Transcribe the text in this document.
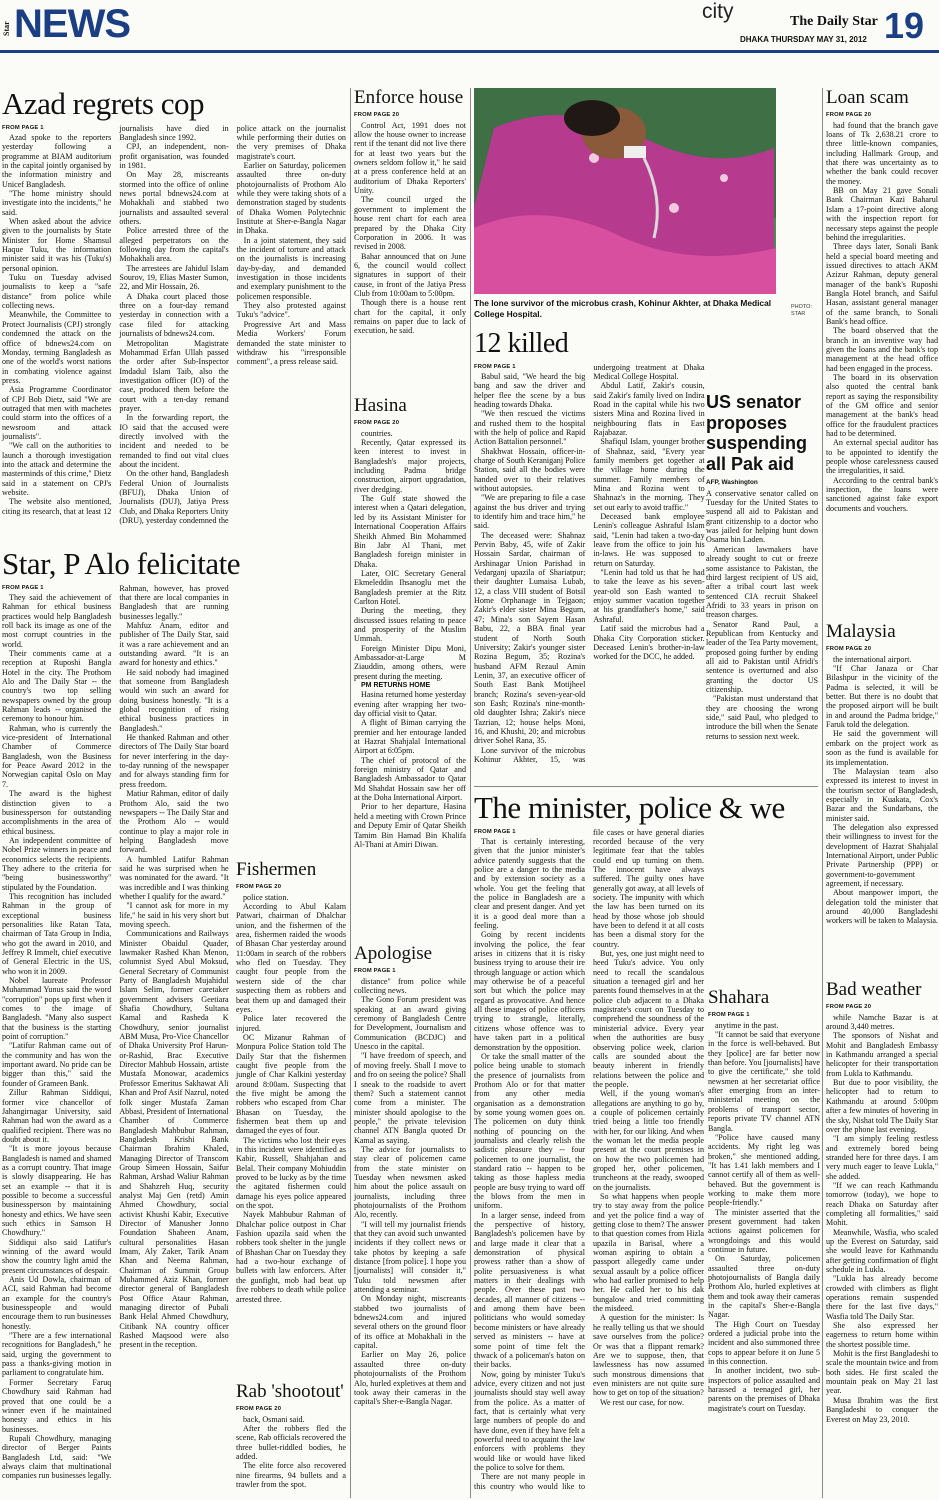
Star NEWS	city	The Daily Star
DHAKA THURSDAY MAY 31, 2012 19
Azad regrets cop

FROM PAGE 1

Azad spoke to the reporters yesterday following a programme at BIAM auditorium in the capital jointly organised by the information ministry and Unicef Bangladesh.

"The home ministry should investigate into the incidents," he said.

When asked about the advice given to the journalists by State Minister for Home Shamsul Haque Tuku, the information minister said it was his (Tuku's) personal opinion.

Tuku on Tuesday advised journalists to keep a "safe distance" from police while collecting news.

Meanwhile, the Committee to Protect Journalists (CPJ) strongly condemned the attack on the office of bdnews24.com on Monday, terming Bangladesh as one of the world's worst nations in combating violence against press.

Asia Programme Coordinator of CPJ Bob Dietz, said "We are outraged that men with machetes could storm into the offices of a newsroom and attack journalists".

"We call on the authorities to launch a thorough investigation into the attack and determine the masterminds of this crime," Dietz said in a statement on CPJ's website.

The website also mentioned, citing its research, that at least 12 journalists have died in Bangladesh since 1992.

CPJ, an independent, non-profit organisation, was founded in 1981.

On May 28, miscreants stormed into the office of online news portal bdnews24.com at Mohakhali and stabbed two journalists and assaulted several others.

Police arrested three of the alleged perpetrators on the following day from the capital's Mohakhali area.

The arrestees are Jahidul Islam Sourov, 19, Elias Master Sumon, 22, and Mir Hossain, 26.

A Dhaka court placed those three on a four-day remand yesterday in connection with a case filed for attacking journalists of bdnews24.com.

Metropolitan Magistrate Mohammad Erfan Ullah passed the order after Sub-Inspector Imdadul Islam Taib, also the investigation officer (IO) of the case, produced them before the court with a ten-day remand prayer.

In the forwarding report, the IO said that the accused were directly involved with the incident and needed to be remanded to find out vital clues about the incident.

On the other hand, Bangladesh Federal Union of Journalists (BFUJ), Dhaka Union of Journalists (DUJ), Jatiya Press Club, and Dhaka Reporters Unity (DRU), yesterday condemned the police attack on the journalist while performing their duties on the very premises of Dhaka magistrate's court.

Earlier on Saturday, policemen assaulted three on-duty photojournalists of Prothom Alo while they were taking shots of a demonstration staged by students of Dhaka Women Polytechnic Institute at Sher-e-Bangla Nagar in Dhaka.

In a joint statement, they said the incident of torture and attack on the journalists is increasing day-by-day, and demanded investigation in those incidents and exemplary punishment to the policemen responsible.

They also protested against Tuku's "advice".

Progressive Art and Mass Media Workers' Forum demanded the state minister to withdraw his "irresponsible comment", a press release said.

Star, P Alo felicitate

FROM PAGE 1

They said the achievement of Rahman for ethical business practices would help Bangladesh roll back its image as one of the most corrupt countries in the world.

Their comments came at a reception at Ruposhi Bangla Hotel in the city. The Prothom Alo and The Daily Star -- the country's two top selling newspapers owned by the group Rahman leads -- organised the ceremony to honour him.

Rahman, who is currently the vice-president of International Chamber of Commerce Bangladesh, won the Business for Peace Award 2012 in the Norwegian capital Oslo on May 7.

The award is the highest distinction given to a businessperson for outstanding accomplishments in the area of ethical business.

An independent committee of Nobel Prize winners in peace and economics selects the recipients. They adhere to the criteria for "being businessworthy" stipulated by the Foundation.

This recognition has included Rahman in the group of exceptional business personalities like Ratan Tata, chairman of Tata Group in India, who got the award in 2010, and Jeffrey R Immelt, chief executive of General Electric in the US, who won it in 2009.

Nobel laureate Professor Muhammad Yunus said the word "corruption" pops up first when it comes to the image of Bangladesh. "Many also suspect that the business is the starting point of corruption."

"Latifur Rahman came out of the community and has won the important award. No pride can be bigger than this," said the founder of Grameen Bank.

Zillur Rahman Siddiqui, former vice chancellor of Jahangirnagar University, said Rahman had won the award as a qualified recipient. There was no doubt about it.

"It is more joyous because Bangladesh is named and shamed as a corrupt country. That image is slowly disappearing. He has set an example -- that it is possible to become a successful businessperson by maintaining honesty and ethics. We have seen such ethics in Samson H Chowdhury."

Siddiqui also said Latifur's winning of the award would show the country light amid the present circumstances of despair.

Anis Ud Dowla, chairman of ACI, said Rahman had become an example for the country's businesspeople and would encourage them to run businesses honestly.

"There are a few international recognitions for Bangladesh," he said, urging the government to pass a thanks-giving motion in parliament to congratulate him.

Former Secretary Faruq Chowdhury said Rahman had proved that one could be a winner even if he maintained honesty and ethics in his businesses.

Rupali Chowdhury, managing director of Berger Paints Bangladesh Ltd, said: "We always claim that multinational companies run businesses legally. Rahman, however, has proved that there are local companies in Bangladesh that are running businesses legally."

Mahfuz Anam, editor and publisher of The Daily Star, said it was a rare achievement and an outstanding award. "It is an award for honesty and ethics."

He said nobody had imagined that someone from Bangladesh would win such an award for doing business honestly. "It is a global recognition of rising ethical business practices in Bangladesh."

He thanked Rahman and other directors of The Daily Star board for never interfering in the day-to-day running of the newspaper and for always standing firm for press freedom.

Matiur Rahman, editor of daily Prothom Alo, said the two newspapers -- The Daily Star and the Prothom Alo -- would continue to play a major role in helping Bangladesh move forward.

A humbled Latifur Rahman said he was surprised when he was nominated for the award. "It was incredible and I was thinking whether I qualify for the award."

"I cannot ask for more in my life," he said in his very short but moving speech.

Communications and Railways Minister Obaidul Quader, lawmaker Rashed Khan Menon, columnist Syed Abul Moksud, General Secretary of Communist Party of Bangladesh Mujahidul Islam Selim, former caretaker government advisers Geetiara Shafia Chowdhury, Sultana Kamal and Rasheda K Chowdhury, senior journalist ABM Musa, Pro-Vice Chancellor of Dhaka University Prof Harun-or-Rashid, Brac Executive Director Mahbub Hossain, artiste Mustafa Monowar, academics Professor Emeritus Sakhawat Ali Khan and Prof Asif Nazrul, noted folk singer Mustafa Zaman Abbasi, President of International Chamber of Commerce Bangladesh Mahbubur Rahman, Bangladesh Krishi Bank Chairman Ibrahim Khaled, Managing Director of Transcom Group Simeen Hossain, Saifur Rahman, Arshad Waliur Rahman and Shahzreh Huq, security analyst Maj Gen (retd) Amin Ahmed Chowdhury, social activist Khushi Kabir, Executive Director of Manusher Jonno Foundation Shaheen Anam, cultural personalities Hasan Imam, Aly Zaker, Tarik Anam Khan and Neema Rahman, Chairman of Summit Group Muhammed Aziz Khan, former director general of Bangladesh Post Office Ataur Rahman, managing director of Pubali Bank Helal Ahmed Chowdhury, Citibank NA country officer Rashed Maqsood were also present in the reception.

Enforce house

FROM PAGE 20

Control Act, 1991 does not allow the house owner to increase rent if the tenant did not live there for at least two years but the owners seldom follow it," he said at a press conference held at an auditorium of Dhaka Reporters' Unity.

The council urged the government to implement the house rent chart for each area prepared by the Dhaka City Corporation in 2006. It was revised in 2008.

Bahar announced that on June 6, the council would collect signatures in support of their cause, in front of the Jatiya Press Club from 10:00am to 5:00pm.

Though there is a house rent chart for the capital, it only remains on paper due to lack of execution, he said.

Hasina

FROM PAGE 20

countries.

Recently, Qatar expressed its keen interest to invest in Bangladesh's major projects, including Padma bridge construction, airport upgradation, river dredging.

The Gulf state showed the interest when a Qatari delegation, led by its Assistant Minister for International Cooperation Affairs Sheikh Ahmed Bin Mohammed Bin Jabr Al Thani, met Bangladesh foreign minister in Dhaka.

Later, OIC Secretary General Ekmeleddin Ihsanoglu met the Bangladesh premier at the Ritz Carlton Hotel.

During the meeting, they discussed issues relating to peace and prosperity of the Muslim Ummah.

Foreign Minister Dipu Moni, Ambassador-at-Large M Ziauddin, among others, were present during the meeting.

PM RETURNS HOME

Hasina returned home yesterday evening after wrapping her two-day official visit to Qatar.

A flight of Biman carrying the premier and her entourage landed at Hazrat Shahjalal International Airport at 6:05pm.

The chief of protocol of the foreign ministry of Qatar and Bangladesh Ambassador to Qatar Md Shahdat Hossain saw her off at the Doha International Airport.

Prior to her departure, Hasina held a meeting with Crown Prince and Deputy Emir of Qatar Sheikh Tamim Bin Hamad Bin Khalifa Al-Thani at Amiri Diwan.

Apologise

FROM PAGE 1

distance" from police while collecting news.

The Gono Forum president was speaking at an award giving ceremony of Bangladesh Centre for Development, Journalism and Communication (BCDJC) and Unesco in the capital.

"I have freedom of speech, and of moving freely. Shall I move to and fro on seeing the police? Shall I sneak to the roadside to avert them? Such a statement cannot come from a minister. The minister should apologise to the people," the private television channel ATN Bangla quoted Dr Kamal as saying.

The advice for journalists to stay clear of policemen came from the state minister on Tuesday when newsmen asked him about the police assault on journalists, including three photojournalists of the Prothom Alo, recently.

"I will tell my journalist friends that they can avoid such unwanted incidents if they collect news or take photos by keeping a safe distance [from police]. I hope you [journalists] will consider it," Tuku told newsmen after attending a seminar.

On Monday night, miscreants stabbed two journalists of bdnews24.com and injured several others on the ground floor of its office at Mohakhali in the capital.

Earlier on May 26, police assaulted three on-duty photojournalists of the Prothom Alo, hurled expletives at them and took away their cameras in the capital's Sher-e-Bangla Nagar.

Fishermen

FROM PAGE 20

police station.

According to Abul Kalam Patwari, chairman of Dhalchar union, and the fishermen of the area, fishermen raided the woods of Bhasan Char yesterday around 11:00am in search of the robbers who fled on Tuesday. They caught four people from the western side of the char suspecting them as robbers and beat them up and damaged their eyes.

Police later recovered the injured.

OC Mizanur Rahman of Monpura Police Station told The Daily Star that the fishermen caught five people from the jungle of Char Kalkini yesterday around 8:00am. Suspecting that the five might be among the robbers who escaped from Char Bhasan on Tuesday, the fishermen beat them up and damaged the eyes of four.

The victims who lost their eyes in this incident were identified as Kabir, Russell, Shahjahan and Belal. Their company Mohiuddin proved to be lucky as by the time the agitated fishermen could damage his eyes police appeared on the spot.

Nayek Mahbubur Rahman of Dhalchar police outpost in Char Fashion upazila said when the robbers took shelter in the jungle of Bhashan Char on Tuesday they had a two-hour exchange of bullets with law enforcers. After the gunfight, mob had beat up five robbers to death while police arrested three.

Rab 'shootout'

FROM PAGE 20

back, Osmani said.

After the robbers fled the scene, Rab officials recovered the three bullet-riddled bodies, he added.

The elite force also recovered nine firearms, 94 bullets and a trawler from the spot.

The lone survivor of the microbus crash, Kohinur Akhter, at Dhaka Medical College Hospital.
PHOTO:
STAR
12 killed

FROM PAGE 1

Babul said, "We heard the big bang and saw the driver and helper flee the scene by a bus heading towards Dhaka.

"We then rescued the victims and rushed them to the hospital with the help of police and Rapid Action Battalion personnel."

Shakhwat Hossain, officer-in-charge of South Keraniganj Police Station, said all the bodies were handed over to their relatives without autopsies.

"We are preparing to file a case against the bus driver and trying to identify him and trace him," he said.

The deceased were: Shahnaz Pervin Baby, 45, wife of Zakir Hossain Sardar, chairman of Arshinagar Union Parishad in Vedarganj upazila of Shariatpur; their daughter Lumaisa Lubab, 12, a class VIII student of Botsil Home Orphanage in Tejgaon; Zakir's elder sister Mina Begum, 47; Mina's son Sayem Hasan Babu, 22, a BBA final year student of North South University; Zakir's younger sister Rozina Begum, 35; Rozina's husband AFM Rezaul Amin Lenin, 37, an executive officer of South East Bank Motijheel branch; Rozina's seven-year-old son Eash; Rozina's nine-month-old daughter Ishra; Zakir's niece Tazrian, 12; house helps Moni, 16, and Khushi, 20; and microbus driver Sohel Rana, 35.

Lone survivor of the microbus Kohinur Akhter, 15, was undergoing treatment at Dhaka Medical College Hospital.

Abdul Latif, Zakir's cousin, said Zakir's family lived on Indira Road in the capital while his two sisters Mina and Rozina lived in neighbouring flats in East Rajabazar.

Shafiqul Islam, younger brother of Shahnaz, said, "Every year family members get together at the village home during the summer. Family members of Mina and Rozina went to Shahnaz's in the morning. They set out early to avoid traffic."

Deceased bank employee Lenin's colleague Ashraful Islam said, "Lenin had taken a two-day leave from the office to join his in-laws. He was supposed to return on Saturday.

"Lenin had told us that he had to take the leave as his seven-year-old son Eash wanted to enjoy summer vacation together at his grandfather's home," said Ashraful.

Latif said the microbus had a Dhaka City Corporation sticker. Deceased Lenin's brother-in-law worked for the DCC, he added.

US senator proposes suspending all Pak aid
AFP, Washington

A conservative senator called on Tuesday for the United States to suspend all aid to Pakistan and grant citizenship to a doctor who was jailed for helping hunt down Osama bin Laden.

American lawmakers have already sought to cut or freeze some assistance to Pakistan, the third largest recipient of US aid, after a tribal court last week sentenced CIA recruit Shakeel Afridi to 33 years in prison on treason charges.

Senator Rand Paul, a Republican from Kentucky and leader of the Tea Party movement, proposed going further by ending all aid to Pakistan until Afridi's sentence is overturned and also granting the doctor US citizenship.

"Pakistan must understand that they are choosing the wrong side," said Paul, who pledged to introduce the bill when the Senate returns to session next week.

The minister, police & we

FROM PAGE 1

That is certainly interesting, given that the junior minister's advice patently suggests that the police are a danger to the media and by extension society as a whole. You get the feeling that the police in Bangladesh are a clear and present danger. And yet it is a good deal more than a feeling.

Going by recent incidents involving the police, the fear arises in citizens that it is risky business trying to arouse their ire through language or action which may otherwise be of a peaceful sort but which the police may regard as provocative. And hence all these images of police officers trying to strangle, literally, citizens whose offence was to have taken part in a political demonstration by the opposition.

Or take the small matter of the police being unable to stomach the presence of journalists from Prothom Alo or for that matter from any other media organisation as a demonstration by some young women goes on. The policemen on duty think nothing of pouncing on the journalists and clearly relish the sadistic pleasure they -- four policemen to one journalist, the standard ratio -- happen to be taking as those hapless media people are busy trying to ward off the blows from the men in uniform.

In a larger sense, indeed from the perspective of history, Bangladesh's policemen have by and large made it clear that a demonstration of physical prowess rather than a show of polite persuasiveness is what matters in their dealings with people. Over these past two decades, all manner of citizens -- and among them have been politicians who would someday become ministers or have already served as ministers -- have at some point of time felt the thwack of a policeman's baton on their backs.

Now, going by minister Tuku's advice, every citizen and not just journalists should stay well away from the police. As a matter of fact, that is certainly what very large numbers of people do and have done, even if they have felt a powerful need to acquaint the law enforcers with problems they would like or would have liked the police to solve for them.

There are not many people in this country who would like to file cases or have general diaries recorded because of the very legitimate fear that the tables could end up turning on them. The innocent have always suffered. The guilty ones have generally got away, at all levels of society. The impunity with which the law has been turned on its head by those whose job should have been to defend it at all costs has been a dismal story for the country.

But, yes, one just might need to heed Tuku's advice. You only need to recall the scandalous situation a teenaged girl and her parents found themselves in at the police club adjacent to a Dhaka magistrate's court on Tuesday to comprehend the soundness of the ministerial advice. Every year when the authorities are busy observing police week, clarion calls are sounded about the beauty inherent in friendly relations between the police and the people.

Well, if the young woman's allegations are anything to go by, a couple of policemen certainly tried being a little too friendly with her, for our liking. And when the woman let the media people present at the court premises in on how the two policemen had groped her, other policemen, truncheons at the ready, swooped on the journalists.

So what happens when people try to stay away from the police and yet the police find a way of getting close to them? The answer to that question comes from Hizla upazila in Barisal, where a woman aspiring to obtain a passport allegedly came under sexual assault by a police officer who had earlier promised to help her. He called her to his dak bungalow and tried committing the misdeed.

A question for the minister: Is he really telling us that we should save ourselves from the police? Or was that a flippant remark? Are we to suppose, then, that lawlessness has now assumed such monstrous dimensions that even ministers are not quite sure how to get on top of the situation?

We rest our case, for now.

Shahara

FROM PAGE 1

anytime in the past.

"It cannot be said that everyone in the force is well-behaved. But they [police] are far better now than before. You [journalists] have to give the certificate," she told newsmen at her secretariat office after emerging from an inter-ministerial meeting on the problems of transport sector, reports private TV channel ATN Bangla.

"Police have caused many accidents. My right leg was broken," she mentioned adding, "It has 1.41 lakh members and I cannot certify all of them as well-behaved. But the government is working to make them more people-friendly."

The minister asserted that the present government had taken actions against policemen for wrongdoings and this would continue in future.

On Saturday, policemen assaulted three on-duty photojournalists of Bangla daily Prothom Alo, hurled expletives at them and took away their cameras in the capital's Sher-e-Bangla Nagar.

The High Court on Tuesday ordered a judicial probe into the incident and also summoned three cops to appear before it on June 5 in this connection.

In another incident, two sub-inspectors of police assaulted and harassed a teenaged girl, her parents on the premises of Dhaka magistrate's court on Tuesday.

Loan scam

FROM PAGE 20

had found that the branch gave loans of Tk 2,638.21 crore to three little-known companies, including Hallmark Group, and that there was uncertainty as to whether the bank could recover the money.

BB on May 21 gave Sonali Bank Chairman Kazi Baharul Islam a 17-point directive along with the inspection report for necessary steps against the people behind the irregularities.

Three days later, Sonali Bank held a special board meeting and issued directives to attach AKM Azizur Rahman, deputy general manager of the bank's Ruposhi Bangla Hotel branch, and Saiful Hasan, assistant general manager of the same branch, to Sonali Bank's head office.

The board observed that the branch in an inventive way had given the loans and the bank's top management at the head office had been engaged in the process.

The board in its observation also quoted the central bank report as saying the responsibility of the GM office and senior management at the bank's head office for the fraudulent practices had to be determined.

An external special auditor has to be appointed to identify the people whose carelessness caused the irregularities, it said.

According to the central bank's inspection, the loans were sanctioned against fake export documents and vouchers.

Malaysia

FROM PAGE 20

the international airport.

"If Char Janaza or Char Bilashpur in the vicinity of the Padma is selected, it will be better. But there is no doubt that the proposed airport will be built in and around the Padma bridge," Faruk told the delegation.

He said the government will embark on the project work as soon as the fund is available for its implementation.

The Malaysian team also expressed its interest to invest in the tourism sector of Bangladesh, especially in Kuakata, Cox's Bazar and the Sundarbans, the minister said.

The delegation also expressed their willingness to invest for the development of Hazrat Shahjalal International Airport, under Public Private Partnership (PPP) or government-to-government agreement, if necessary.

About manpower import, the delegation told the minister that around 40,000 Bangladeshi workers will be taken to Malaysia.

Bad weather

FROM PAGE 20

while Namche Bazar is at around 3,440 metres.

The sponsors of Nishat and Mohit and Bangladesh Embassy in Kathmandu arranged a special helicopter for their transportation from Lukla to Kathmandu.

But due to poor visibility, the helicopter had to return to Kathmandu at around 5:00pm after a few minutes of hovering in the sky, Nishat told The Daily Star over the phone last evening.

"I am simply feeling restless and extremely bored being stranded here for three days. I am very much eager to leave Lukla," she added.

"If we can reach Kathmandu tomorrow (today), we hope to reach Dhaka on Saturday after completing all formalities," said Mohit.

Meanwhile, Wasfia, who scaled up the Everest on Saturday, said she would leave for Kathmandu after getting confirmation of flight schedule in Lukla.

"Lukla has already become crowded with climbers as flight operations remain suspended there for the last five days," Wasfia told The Daily Star.

She also expressed her eagerness to return home within the shortest possible time.

Mohit is the first Bangladeshi to scale the mountain twice and from both sides. He first scaled the mountain peak on May 21 last year.

Musa Ibrahim was the first Bangladeshi to conquer the Everest on May 23, 2010.
